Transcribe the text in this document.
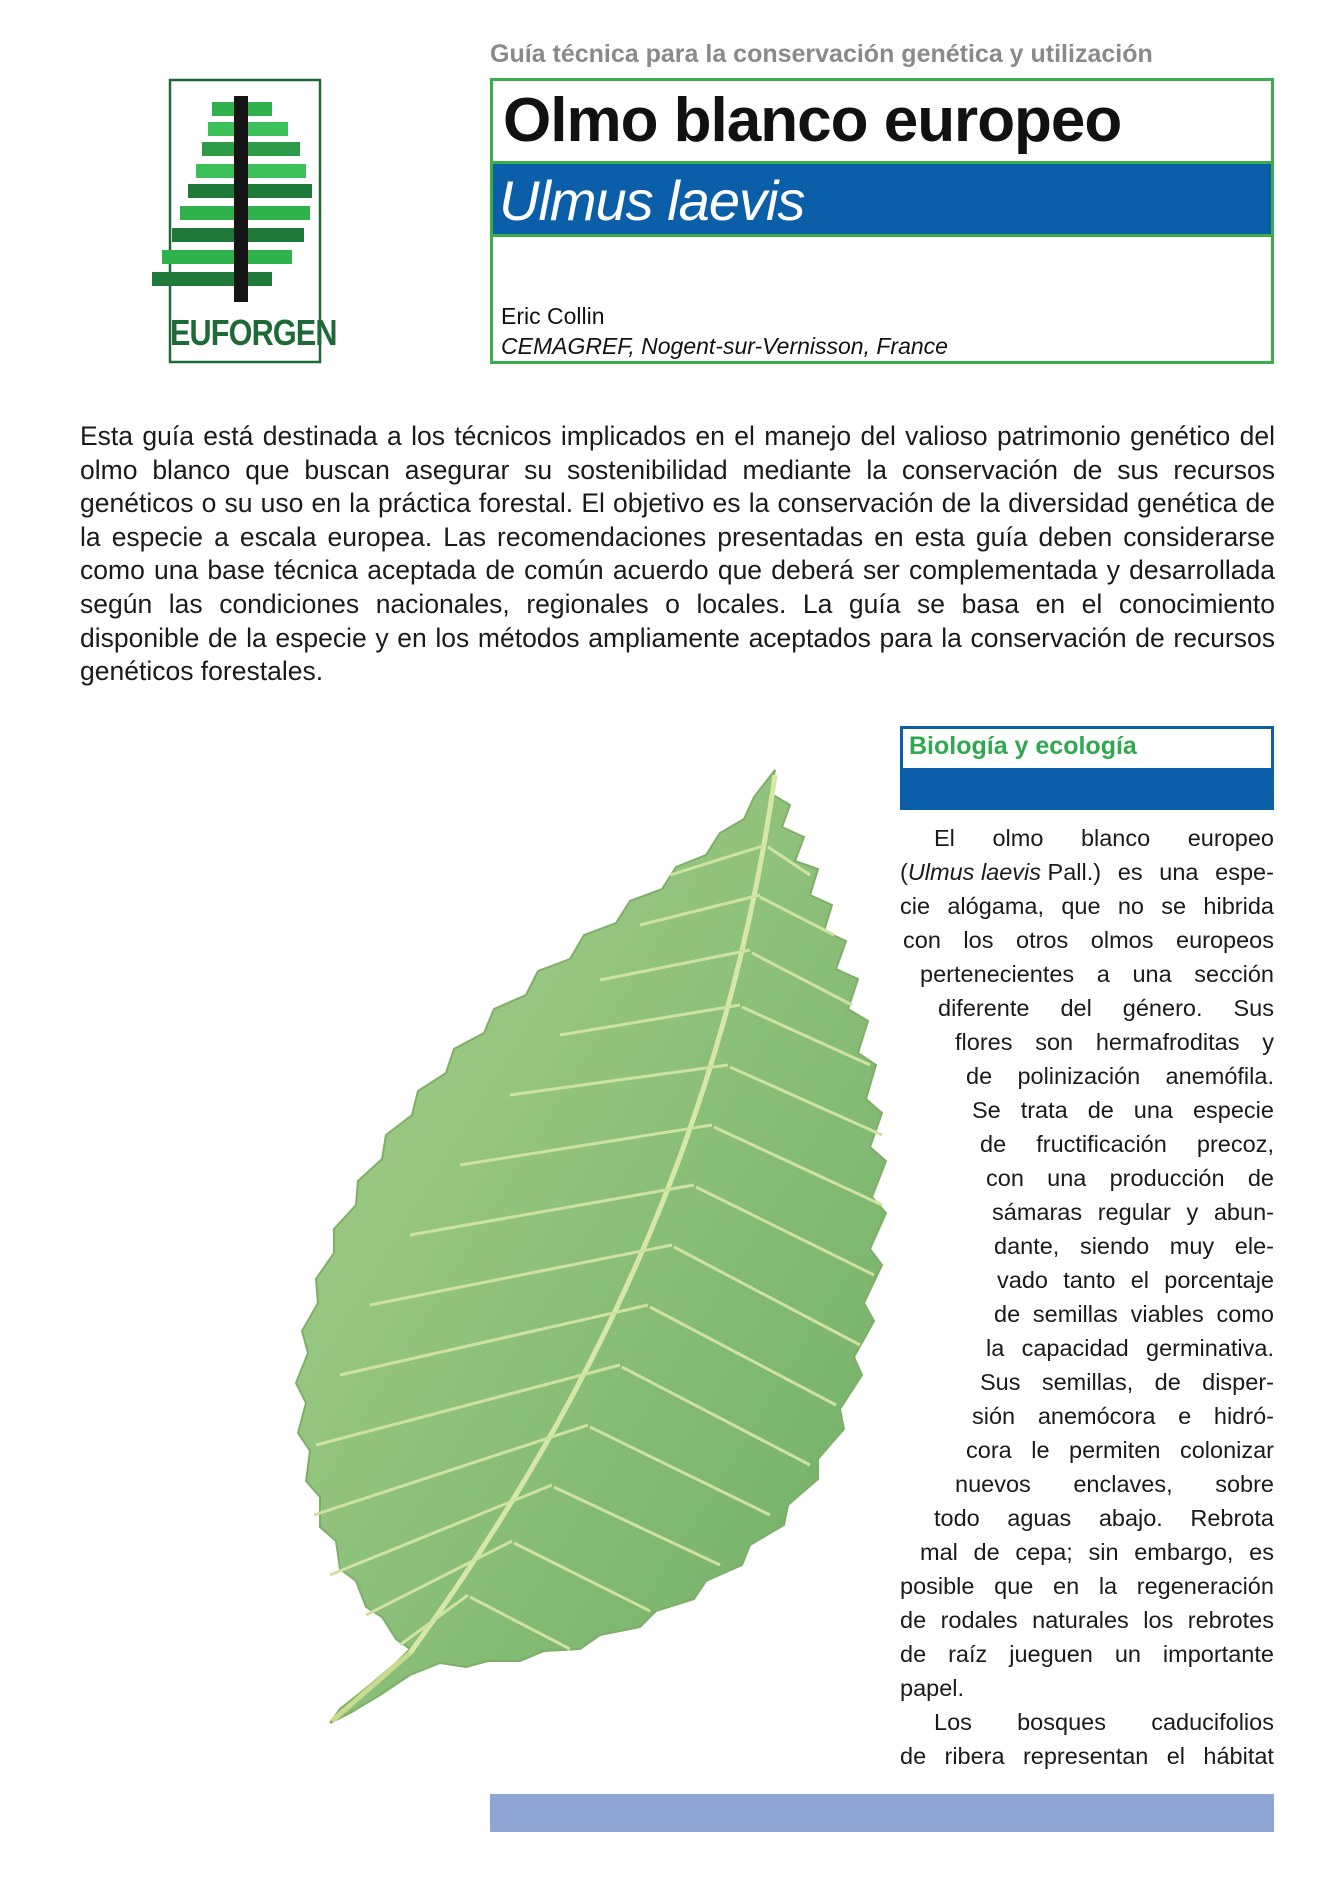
Guía técnica para la conservación genética y utilización
EUFORGEN
Olmo blanco europeo
Ulmus laevis
Eric Collin
CEMAGREF, Nogent-sur-Vernisson, France

Esta guía está destinada a los técnicos implicados en el manejo del valioso patrimonio genético del olmo blanco que buscan asegurar su sostenibilidad mediante la conservación de sus recursos genéticos o su uso en la práctica forestal. El objetivo es la conservación de la diversidad genética de la especie a escala europea. Las recomendaciones presentadas en esta guía deben considerarse como una base técnica aceptada de común acuerdo que deberá ser complementada y desarrollada según las condiciones nacionales, regionales o locales. La guía se basa en el conocimiento disponible de la especie y en los métodos ampliamente aceptados para la conservación de recursos genéticos forestales.

Biología y ecología
El olmo blanco europeo
(Ulmus laevis Pall.) es una espe-
cie alógama, que no se hibrida
con los otros olmos europeos
pertenecientes a una sección
diferente del género. Sus
flores son hermafroditas y
de polinización anemófila.
Se trata de una especie
de fructificación precoz,
con una producción de
sámaras regular y abun-
dante, siendo muy ele-
vado tanto el porcentaje
de semillas viables como
la capacidad germinativa.
Sus semillas, de disper-
sión anemócora e hidró-
cora le permiten colonizar
nuevos enclaves, sobre
todo aguas abajo. Rebrota
mal de cepa; sin embargo, es
posible que en la regeneración
de rodales naturales los rebrotes
de raíz jueguen un importante
papel.
Los bosques caducifolios
de ribera representan el hábitat
